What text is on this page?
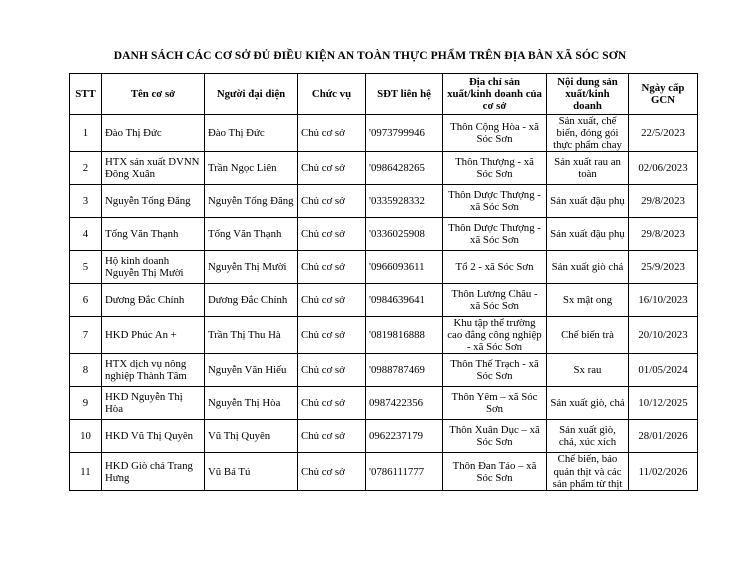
DANH SÁCH CÁC CƠ SỞ ĐỦ ĐIỀU KIỆN AN TOÀN THỰC PHẨM TRÊN ĐỊA BÀN XÃ SÓC SƠN
STT	Tên cơ sở	Người đại diện	Chức vụ	SĐT liên hệ	Địa chỉ sản xuất/kinh doanh của cơ sở	Nội dung sản xuất/kinh doanh	Ngày cấp GCN
1	Đào Thị Đức	Đào Thị Đức	Chủ cơ sở	'0973799946	Thôn Cộng Hòa - xã Sóc Sơn	Sản xuất, chế biến, đóng gói thực phẩm chay	22/5/2023
2	HTX sản xuất DVNN Đông Xuân	Trần Ngọc Liên	Chủ cơ sở	'0986428265	Thôn Thượng - xã Sóc Sơn	Sản xuất rau an toàn	02/06/2023
3	Nguyễn Tống Đăng	Nguyễn Tống Đăng	Chủ cơ sở	'0335928332	Thôn Dược Thượng - xã Sóc Sơn	Sản xuất đậu phụ	29/8/2023
4	Tống Văn Thạnh	Tống Văn Thạnh	Chủ cơ sở	'0336025908	Thôn Dược Thượng - xã Sóc Sơn	Sản xuất đậu phụ	29/8/2023
5	Hộ kinh doanh Nguyễn Thị Mười	Nguyễn Thị Mười	Chủ cơ sở	'0966093611	Tổ 2 - xã Sóc Sơn	Sản xuất giò chả	25/9/2023
6	Dương Đắc Chính	Dương Đắc Chính	Chủ cơ sở	'0984639641	Thôn Lương Châu - xã Sóc Sơn	Sx mật ong	16/10/2023
7	HKD Phúc An +	Trần Thị Thu Hà	Chủ cơ sở	'0819816888	Khu tập thể trường cao đẳng công nghiệp - xã Sóc Sơn	Chế biến trà	20/10/2023
8	HTX dịch vụ nông nghiệp Thành Tâm	Nguyễn Văn Hiếu	Chủ cơ sở	'0988787469	Thôn Thế Trạch - xã Sóc Sơn	Sx rau	01/05/2024
9	HKD Nguyễn Thị Hòa	Nguyễn Thị Hòa	Chủ cơ sở	0987422356	Thôn Yêm – xã Sóc Sơn	Sản xuất giò, chả	10/12/2025
10	HKD Vũ Thị Quyên	Vũ Thị Quyên	Chủ cơ sở	0962237179	Thôn Xuân Dục – xã Sóc Sơn	Sản xuất giò, chả, xúc xích	28/01/2026
11	HKD Giò chả Trang Hưng	Vũ Bá Tú	Chủ cơ sở	'0786111777	Thôn Đan Tảo – xã Sóc Sơn	Chế biến, bảo quản thịt và các sản phẩm từ thịt	11/02/2026
